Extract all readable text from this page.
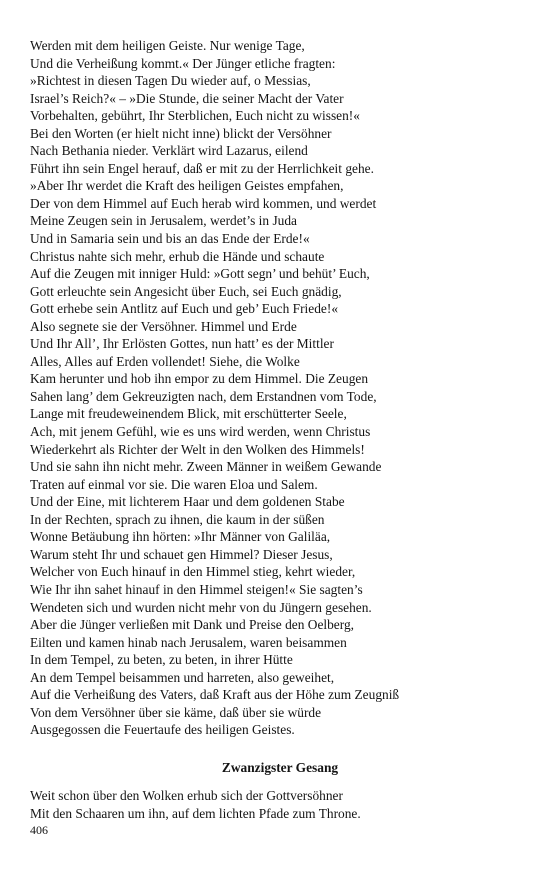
Werden mit dem heiligen Geiste. Nur wenige Tage,

Und die Verheißung kommt.« Der Jünger etliche fragten:

»Richtest in diesen Tagen Du wieder auf, o Messias,

Israel’s Reich?« – »Die Stunde, die seiner Macht der Vater

Vorbehalten, gebührt, Ihr Sterblichen, Euch nicht zu wissen!«

Bei den Worten (er hielt nicht inne) blickt der Versöhner

Nach Bethania nieder. Verklärt wird Lazarus, eilend

Führt ihn sein Engel herauf, daß er mit zu der Herrlichkeit gehe.

»Aber Ihr werdet die Kraft des heiligen Geistes empfahen,

Der von dem Himmel auf Euch herab wird kommen, und werdet

Meine Zeugen sein in Jerusalem, werdet’s in Juda

Und in Samaria sein und bis an das Ende der Erde!«

Christus nahte sich mehr, erhub die Hände und schaute

Auf die Zeugen mit inniger Huld: »Gott segn’ und behüt’ Euch,

Gott erleuchte sein Angesicht über Euch, sei Euch gnädig,

Gott erhebe sein Antlitz auf Euch und geb’ Euch Friede!«

Also segnete sie der Versöhner. Himmel und Erde

Und Ihr All’, Ihr Erlösten Gottes, nun hatt’ es der Mittler

Alles, Alles auf Erden vollendet! Siehe, die Wolke

Kam herunter und hob ihn empor zu dem Himmel. Die Zeugen

Sahen lang’ dem Gekreuzigten nach, dem Erstandnen vom Tode,

Lange mit freudeweinendem Blick, mit erschütterter Seele,

Ach, mit jenem Gefühl, wie es uns wird werden, wenn Christus

Wiederkehrt als Richter der Welt in den Wolken des Himmels!

Und sie sahn ihn nicht mehr. Zween Männer in weißem Gewande

Traten auf einmal vor sie. Die waren Eloa und Salem.

Und der Eine, mit lichterem Haar und dem goldenen Stabe

In der Rechten, sprach zu ihnen, die kaum in der süßen

Wonne Betäubung ihn hörten: »Ihr Männer von Galiläa,

Warum steht Ihr und schauet gen Himmel? Dieser Jesus,

Welcher von Euch hinauf in den Himmel stieg, kehrt wieder,

Wie Ihr ihn sahet hinauf in den Himmel steigen!« Sie sagten’s

Wendeten sich und wurden nicht mehr von du Jüngern gesehen.

Aber die Jünger verließen mit Dank und Preise den Oelberg,

Eilten und kamen hinab nach Jerusalem, waren beisammen

In dem Tempel, zu beten, zu beten, in ihrer Hütte

An dem Tempel beisammen und harreten, also geweihet,

Auf die Verheißung des Vaters, daß Kraft aus der Höhe zum Zeugniß

Von dem Versöhner über sie käme, daß über sie würde

Ausgegossen die Feuertaufe des heiligen Geistes.

Zwanzigster Gesang

Weit schon über den Wolken erhub sich der Gottversöhner

Mit den Schaaren um ihn, auf dem lichten Pfade zum Throne.

406
